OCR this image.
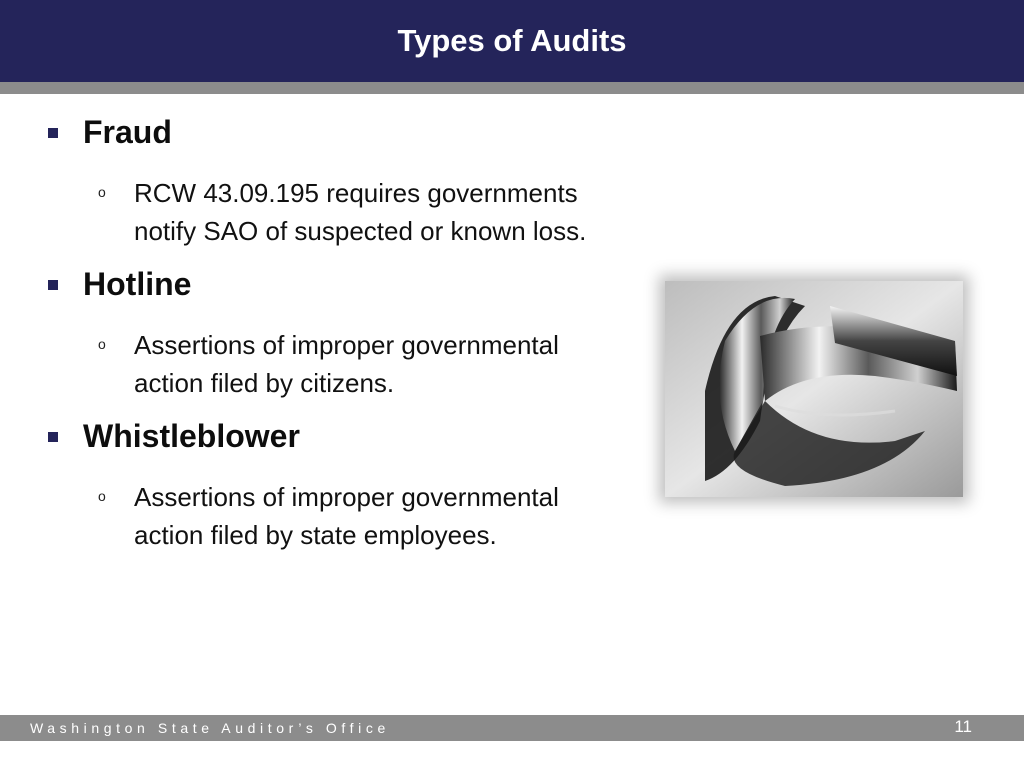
Types of Audits
Fraud
o RCW 43.09.195 requires governments notify SAO of suspected or known loss.
Hotline
o Assertions of improper governmental action filed by citizens.
Whistleblower
o Assertions of improper governmental action filed by state employees.
Washington State Auditor’s Office	11
